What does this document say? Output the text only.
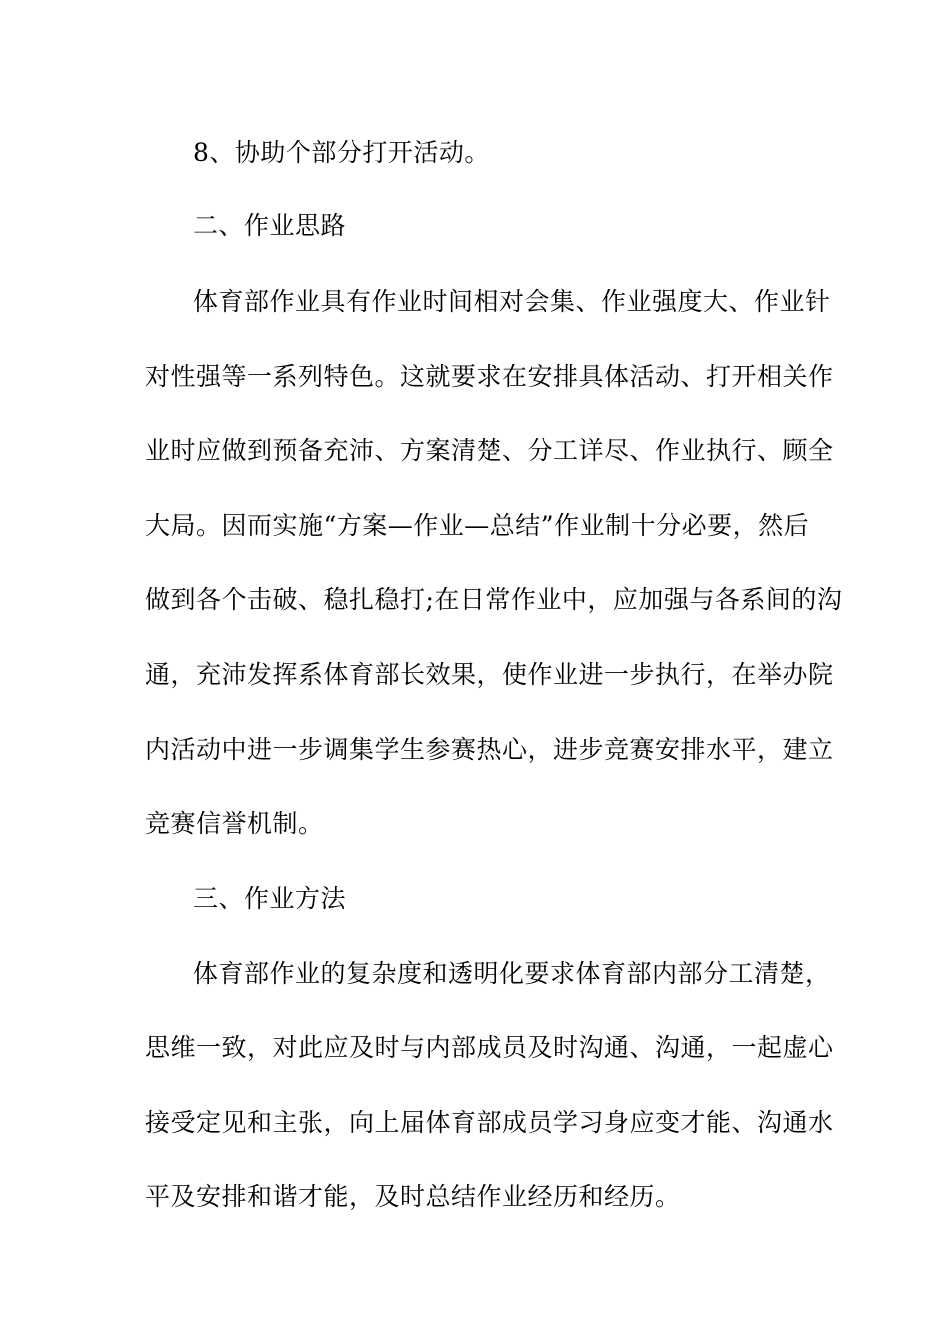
8、协助个部分打开活动。
二、作业思路
体育部作业具有作业时间相对会集、作业强度大、作业针
对性强等一系列特色。这就要求在安排具体活动、打开相关作
业时应做到预备充沛、方案清楚、分工详尽、作业执行、顾全
大局。因而实施“方案—作业—总结”作业制十分必要，然后
做到各个击破、稳扎稳打;在日常作业中，应加强与各系间的沟
通，充沛发挥系体育部长效果，使作业进一步执行，在举办院
内活动中进一步调集学生参赛热心，进步竞赛安排水平，建立
竞赛信誉机制。
三、作业方法
体育部作业的复杂度和透明化要求体育部内部分工清楚，
思维一致，对此应及时与内部成员及时沟通、沟通，一起虚心
接受定见和主张，向上届体育部成员学习身应变才能、沟通水
平及安排和谐才能，及时总结作业经历和经历。
